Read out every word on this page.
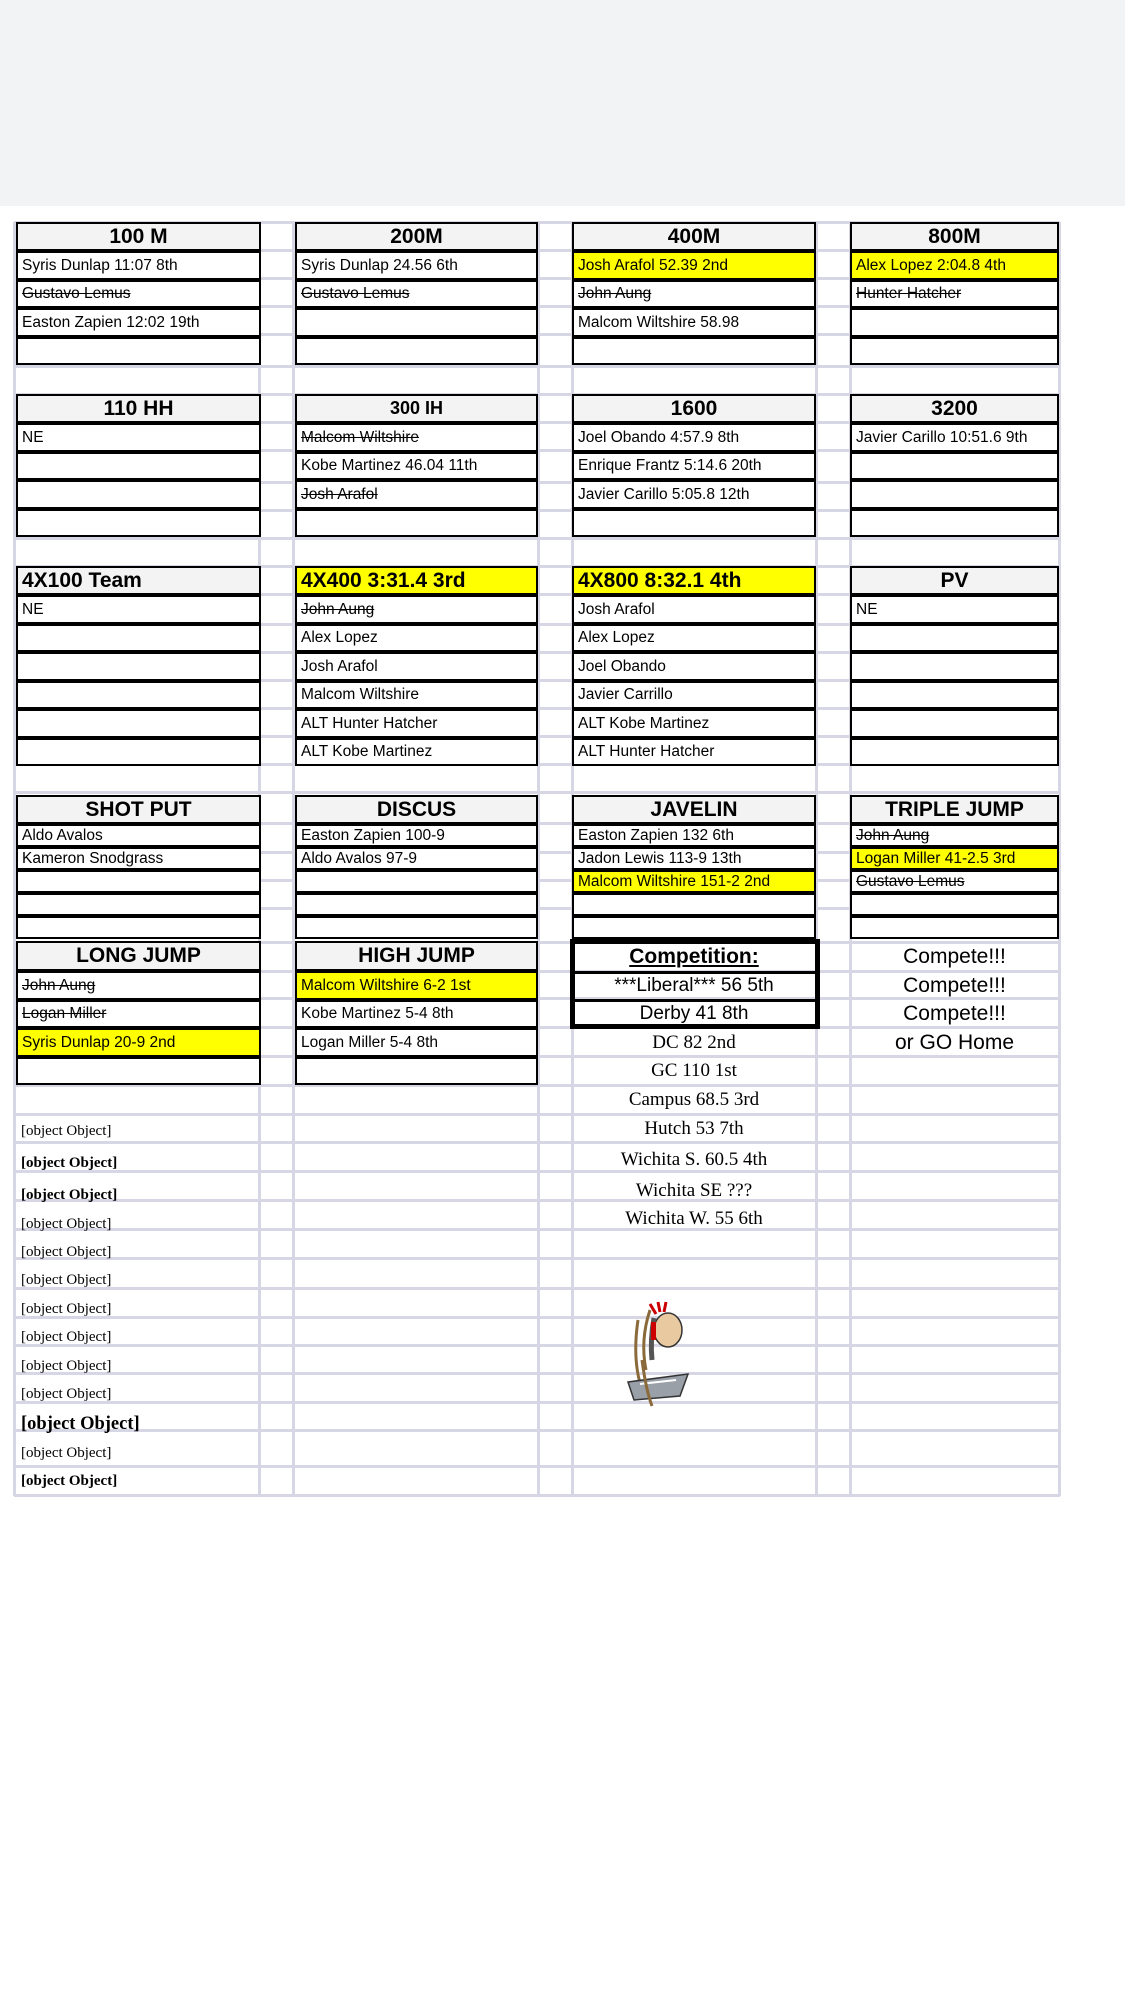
100 M
Syris Dunlap 11:07 8th
Gustavo Lemus
Easton Zapien 12:02 19th
200M
Syris Dunlap 24.56 6th
Gustavo Lemus
400M
Josh Arafol 52.39 2nd
John Aung
Malcom Wiltshire 58.98
800M
Alex Lopez 2:04.8 4th
Hunter Hatcher
110 HH
NE
300 IH
Malcom Wiltshire
Kobe Martinez 46.04 11th
Josh Arafol
1600
Joel Obando 4:57.9 8th
Enrique Frantz 5:14.6 20th
Javier Carillo 5:05.8 12th
3200
Javier Carillo 10:51.6 9th
4X100 Team
NE
4X400 3:31.4 3rd
John Aung
Alex Lopez
Josh Arafol
Malcom Wiltshire
ALT Hunter Hatcher
ALT Kobe Martinez
4X800 8:32.1 4th
Josh Arafol
Alex Lopez
Joel Obando
Javier Carrillo
ALT Kobe Martinez
ALT Hunter Hatcher
PV
NE
SHOT PUT
Aldo Avalos
Kameron Snodgrass
DISCUS
Easton Zapien 100-9
Aldo Avalos 97-9
JAVELIN
Easton Zapien 132 6th
Jadon Lewis 113-9 13th
Malcom Wiltshire 151-2 2nd
TRIPLE JUMP
John Aung
Logan Miller 41-2.5 3rd
Gustavo Lemus
LONG JUMP
John Aung
Logan Miller
Syris Dunlap 20-9 2nd
HIGH JUMP
Malcom Wiltshire 6-2 1st
Kobe Martinez 5-4 8th
Logan Miller 5-4 8th
Competition:
***Liberal*** 56 5th
Derby 41 8th
DC 82 2nd
GC 110 1st
Campus 68.5 3rd
Hutch 53 7th
Wichita S. 60.5 4th
Wichita SE ???
Wichita W. 55 6th
Compete!!!
Compete!!!
Compete!!!
or GO Home
[object Object]
[object Object]
[object Object]
[object Object]
[object Object]
[object Object]
[object Object]
[object Object]
[object Object]
[object Object]
[object Object]
[object Object]
[object Object]
